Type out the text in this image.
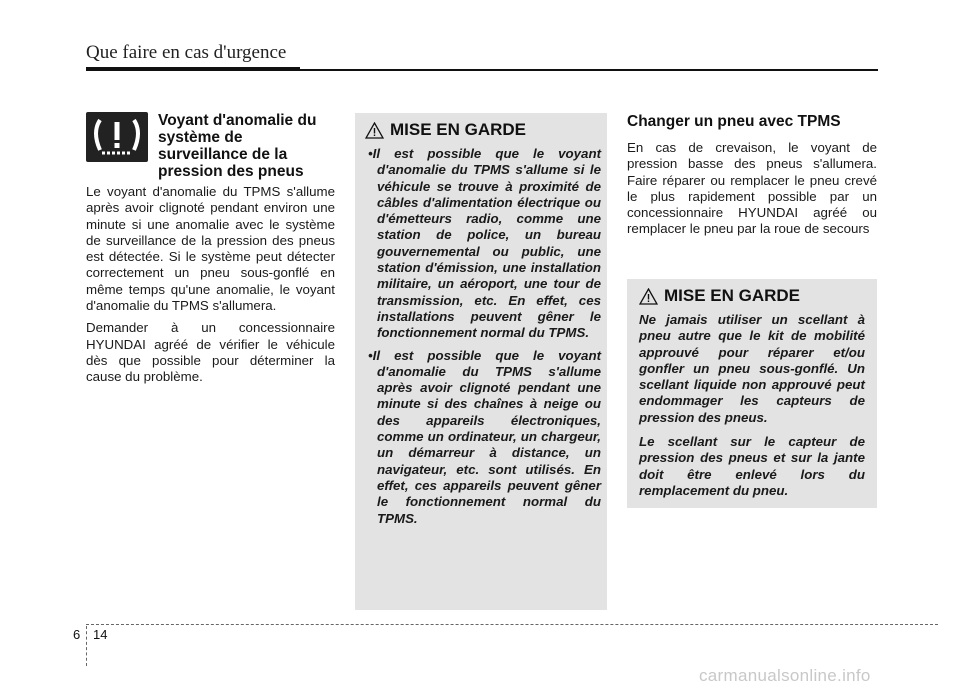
Que faire en cas d'urgence
Voyant d'anomalie du système de surveillance de la pression des pneus

Le voyant d'anomalie du TPMS s'allume après avoir clignoté pendant environ une minute si une anomalie avec le système de surveillance de la pression des pneus est détectée. Si le système peut détecter correctement un pneu sous-gonflé en même temps qu'une anomalie, le voyant d'anomalie du TPMS s'allumera.

Demander à un concessionnaire HYUNDAI agréé de vérifier le véhicule dès que possible pour déterminer la cause du problème.

MISE EN GARDE
• Il est possible que le voyant d'anomalie du TPMS s'allume si le véhicule se trouve à proximité de câbles d'alimentation électrique ou d'émetteurs radio, comme une station de police, un bureau gouvernemental ou public, une station d'émission, une installation militaire, un aéroport, une tour de transmission, etc. En effet, ces installations peuvent gêner le fonctionnement normal du TPMS.
• Il est possible que le voyant d'anomalie du TPMS s'allume après avoir clignoté pendant une minute si des chaînes à neige ou des appareils électroniques, comme un ordinateur, un chargeur, un démarreur à distance, un navigateur, etc. sont utilisés. En effet, ces appareils peuvent gêner le fonctionnement normal du TPMS.
Changer un pneu avec TPMS

En cas de crevaison, le voyant de pression basse des pneus s'allumera. Faire réparer ou remplacer le pneu crevé le plus rapidement possible par un concessionnaire HYUNDAI agréé ou remplacer le pneu par la roue de secours

MISE EN GARDE

Ne jamais utiliser un scellant à pneu autre que le kit de mobilité approuvé pour réparer et/ou gonfler un pneu sous-gonflé. Un scellant liquide non approuvé peut endommager les capteurs de pression des pneus.

Le scellant sur le capteur de pression des pneus et sur la jante doit être enlevé lors du remplacement du pneu.

6 14
carmanualsonline.info
